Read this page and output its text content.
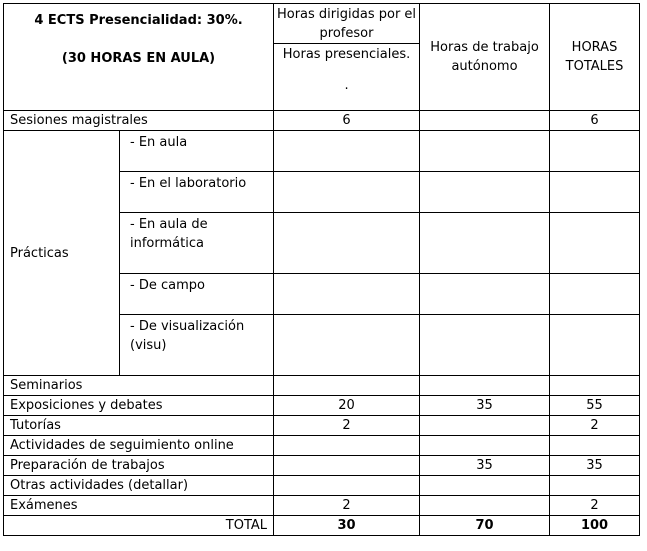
4 ECTS Presencialidad: 30%.
(30 HORAS EN AULA)		Horas dirigidas por el profesor	Horas de trabajo autónomo	HORAS TOTALES
		Horas presenciales.
.		

Sesiones magistrales		6		6
Prácticas	- En aula			
	- En el laboratorio			
	- En aula de informática			
	- De campo			
	- De visualización (visu)			
Seminarios				
Exposiciones y debates		20	35	55
Tutorías		2		2
Actividades de seguimiento online				
Preparación de trabajos			35	35
Otras actividades (detallar)				
Exámenes		2		2
TOTAL		30	70	100
